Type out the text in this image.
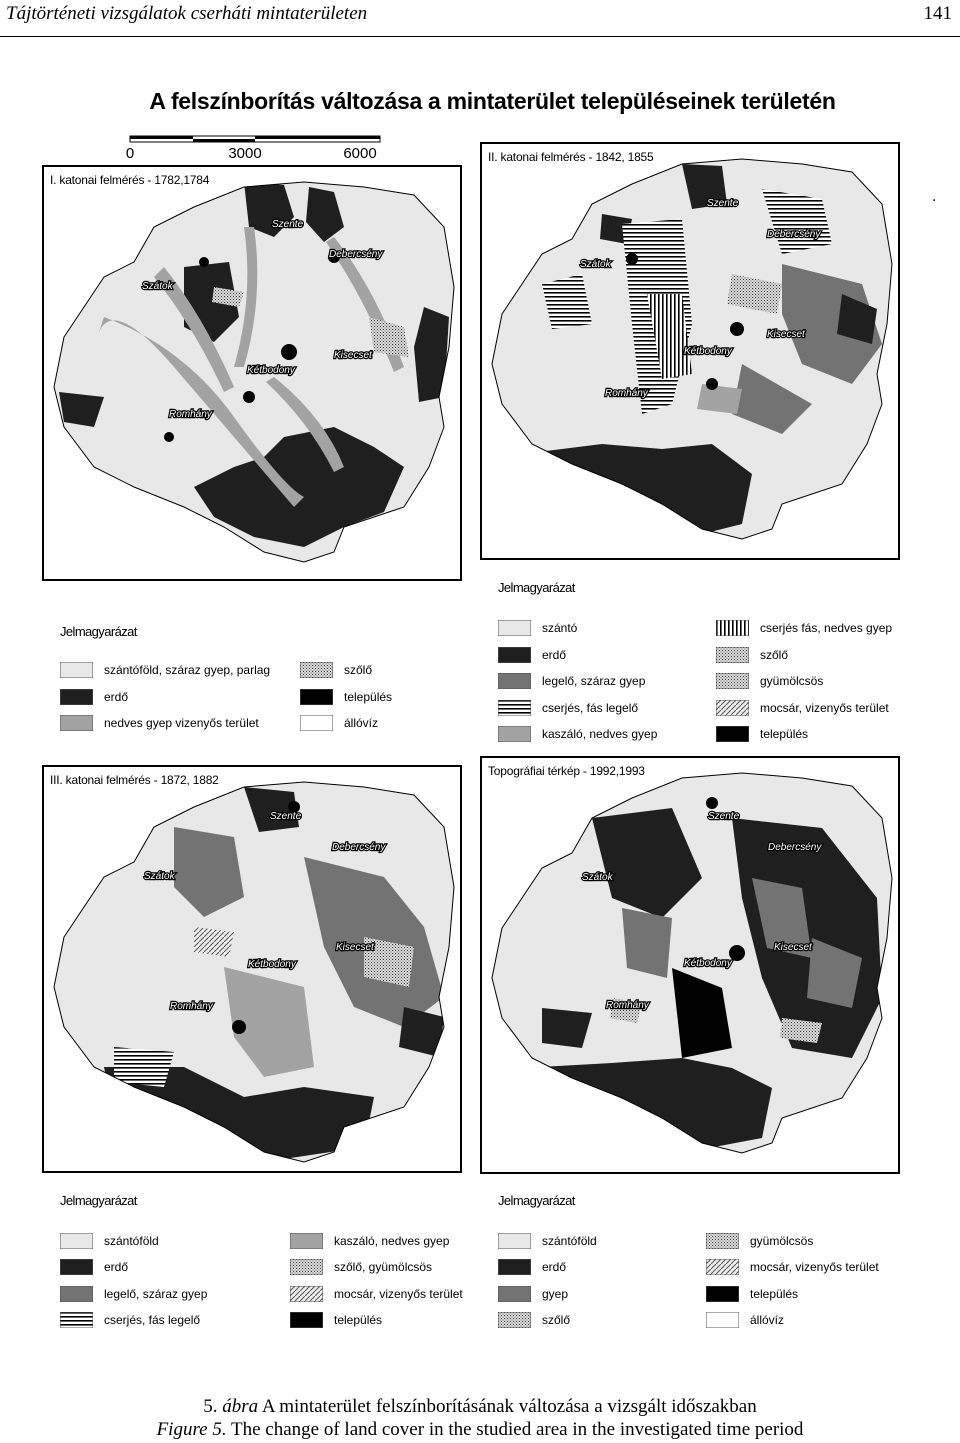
Tájtörténeti vizsgálatok cserháti mintaterületen	141
A felszínborítás változása a mintaterület településeinek területén
0	3000	6000
.
I. katonai felmérés - 1782,1784
Szente
Debercsény
Szátok
Kisecset
Kétbodony
Romhány
II. katonai felmérés - 1842, 1855
Szente
Debercsény
Szátok
Kisecset
Kétbodony
Romhány
Jelmagyarázat
szántóföld, száraz gyep, parlag
erdő
nedves gyep vizenyős terület
szőlő
település
állóvíz
Jelmagyarázat
szántó
erdő
legelő, száraz gyep
cserjés, fás legelő
kaszáló, nedves gyep
cserjés fás, nedves gyep
szőlő
gyümölcsös
mocsár, vizenyős terület
település
III. katonai felmérés - 1872, 1882
Szente
Debercsény
Szátok
Kisecset
Kétbodony
Romhány
Topográfiai térkép - 1992,1993
Szente
Debercsény
Szátok
Kisecset
Kétbodony
Romhány
Jelmagyarázat
szántóföld
erdő
legelő, száraz gyep
cserjés, fás legelő
kaszáló, nedves gyep
szőlő, gyümölcsös
mocsár, vizenyős terület
település
Jelmagyarázat
szántóföld
erdő
gyep
szőlő
gyümölcsös
mocsár, vizenyős terület
település
állóvíz
5. ábra A mintaterület felszínborításának változása a vizsgált időszakban
Figure 5. The change of land cover in the studied area in the investigated time period
